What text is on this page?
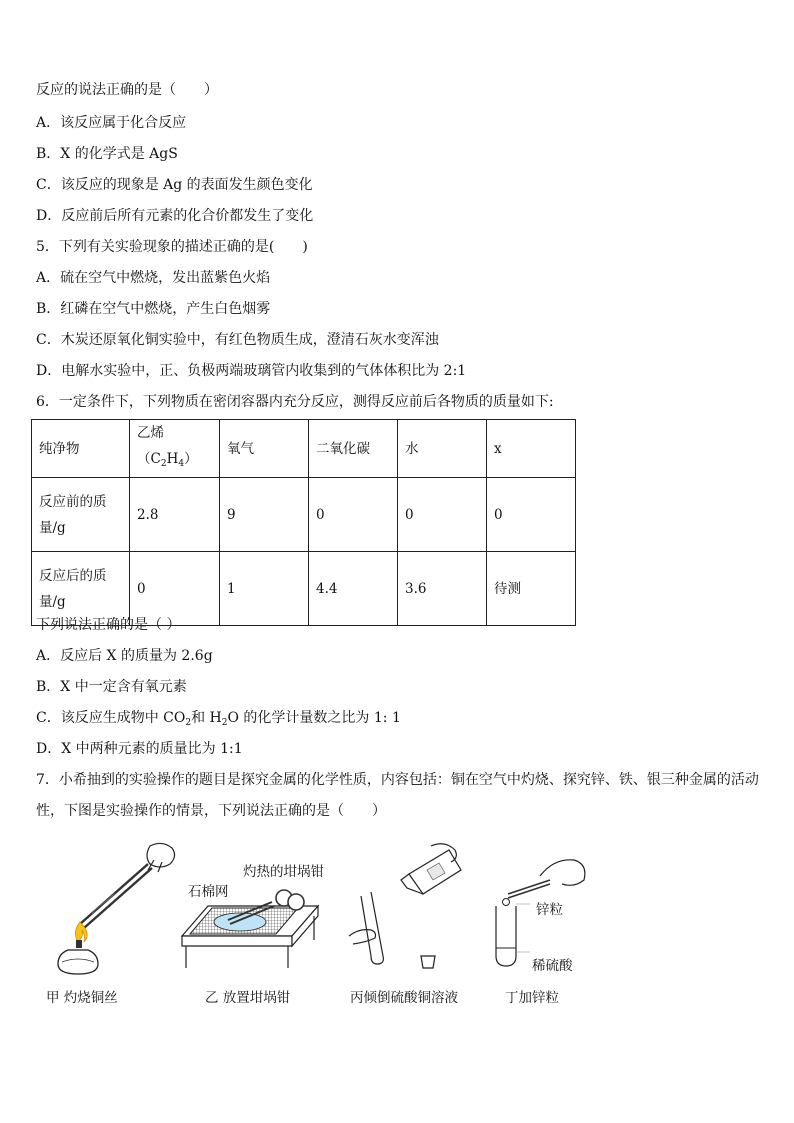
反应的说法正确的是（　　）
A．该反应属于化合反应
B．X 的化学式是 AgS
C．该反应的现象是 Ag 的表面发生颜色变化
D．反应前后所有元素的化合价都发生了变化
5．下列有关实验现象的描述正确的是(　　)
A．硫在空气中燃烧，发出蓝紫色火焰
B．红磷在空气中燃烧，产生白色烟雾
C．木炭还原氧化铜实验中，有红色物质生成，澄清石灰水变浑浊
D．电解水实验中，正、负极两端玻璃管内收集到的气体体积比为 2:1
6．一定条件下，下列物质在密闭容器内充分反应，测得反应前后各物质的质量如下:
纯净物	乙烯$(C_2H_4)$	氧气	二氧化碳	水	x

反应前的质
量/g	2.8	9	0	0	0

反应后的质
量/g	0	1	4.4	3.6	待测
下列说法正确的是（ ）
A．反应后 X 的质量为 2.6g
B．X 中一定含有氧元素
C．该反应生成物中 $CO_2$和 $H_2O$ 的化学计量数之比为 1: 1
D．X 中两种元素的质量比为 1:1
7．小希抽到的实验操作的题目是探究金属的化学性质，内容包括：铜在空气中灼烧、探究锌、铁、银三种金属的活动
性，下图是实验操作的情景，下列说法正确的是（　　）
灼热的坩埚钳
石棉网
锌粒
稀硫酸
甲 灼烧铜丝	乙 放置坩埚钳	丙倾倒硫酸铜溶液	丁加锌粒
